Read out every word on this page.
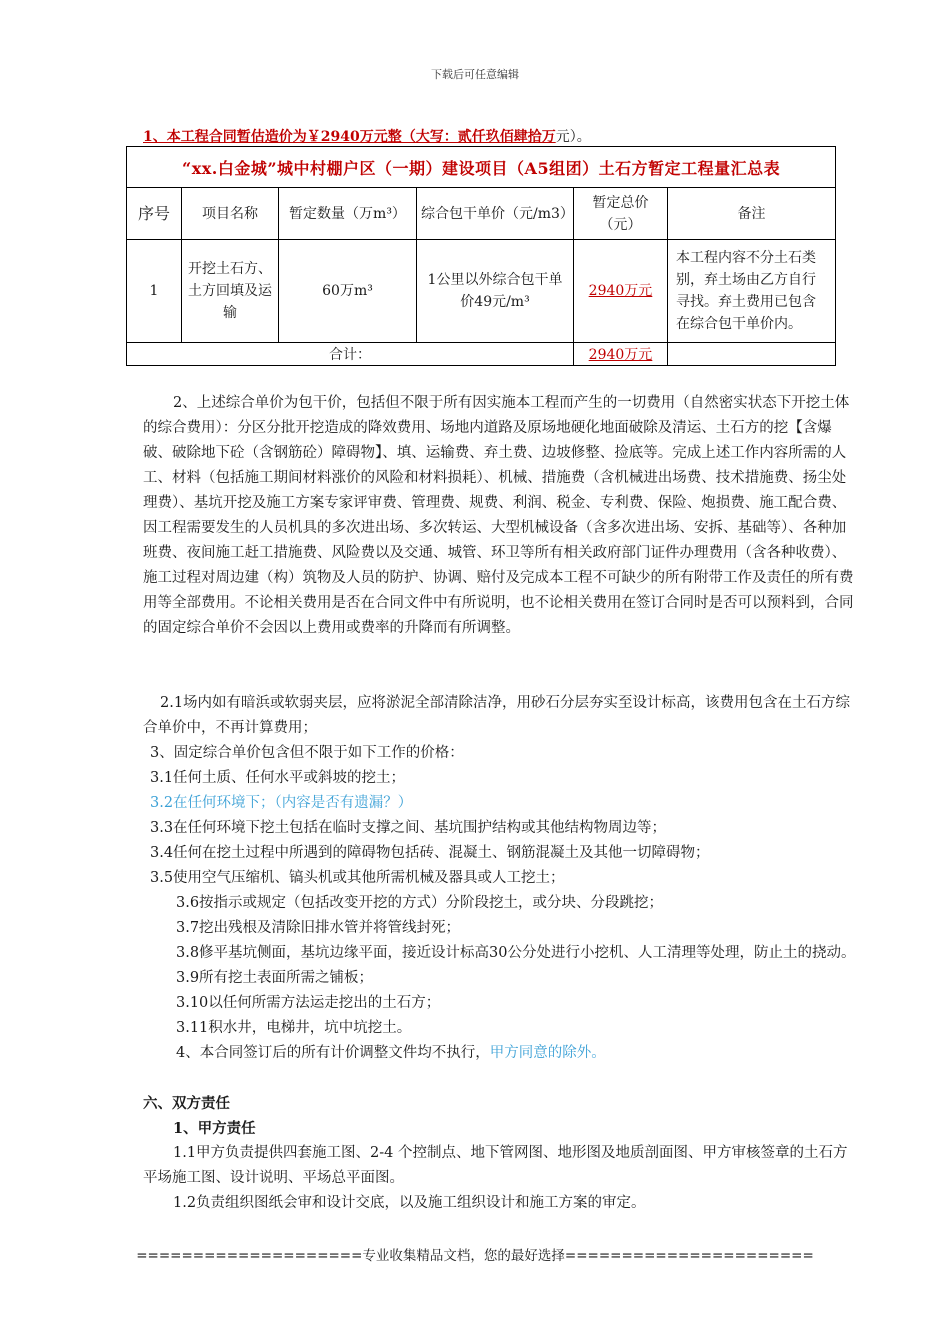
下载后可任意编辑
1、本工程合同暂估造价为￥2940万元整（大写：贰仟玖佰肆拾万元）。
“xx.白金城”城中村棚户区（一期）建设项目（A5组团）土石方暂定工程量汇总表					
序号	项目名称	暂定数量（万m³）	综合包干单价（元/m3）	暂定总价（元）	备注
1	开挖土石方、土方回填及运输	60万m³	1公里以外综合包干单价49元/m³	2940万元	本工程内容不分土石类别，弃土场由乙方自行寻找。弃土费用已包含在综合包干单价内。
合计：				2940万元	

2、上述综合单价为包干价，包括但不限于所有因实施本工程而产生的一切费用（自然密实状态下开挖土体的综合费用）：分区分批开挖造成的降效费用、场地内道路及原场地硬化地面破除及清运、土石方的挖【含爆破、破除地下砼（含钢筋砼）障碍物】、填、运输费、弃土费、边坡修整、捡底等。完成上述工作内容所需的人工、材料（包括施工期间材料涨价的风险和材料损耗）、机械、措施费（含机械进出场费、技术措施费、扬尘处理费）、基坑开挖及施工方案专家评审费、管理费、规费、利润、税金、专利费、保险、炮损费、施工配合费、因工程需要发生的人员机具的多次进出场、多次转运、大型机械设备（含多次进出场、安拆、基础等）、各种加班费、夜间施工赶工措施费、风险费以及交通、城管、环卫等所有相关政府部门证件办理费用（含各种收费）、施工过程对周边建（构）筑物及人员的防护、协调、赔付及完成本工程不可缺少的所有附带工作及责任的所有费用等全部费用。不论相关费用是否在合同文件中有所说明，也不论相关费用在签订合同时是否可以预料到，合同的固定综合单价不会因以上费用或费率的升降而有所调整。

2.1场内如有暗浜或软弱夹层，应将淤泥全部清除洁净，用砂石分层夯实至设计标高，该费用包含在土石方综合单价中，不再计算费用；

3、固定综合单价包含但不限于如下工作的价格：

3.1任何土质、任何水平或斜坡的挖土；

3.2在任何环境下；（内容是否有遗漏？）

3.3在任何环境下挖土包括在临时支撑之间、基坑围护结构或其他结构物周边等；

3.4任何在挖土过程中所遇到的障碍物包括砖、混凝土、钢筋混凝土及其他一切障碍物；

3.5使用空气压缩机、镐头机或其他所需机械及器具或人工挖土；

3.6按指示或规定（包括改变开挖的方式）分阶段挖土，或分块、分段跳挖；

3.7挖出残根及清除旧排水管并将管线封死；

3.8修平基坑侧面，基坑边缘平面，接近设计标高30公分处进行小挖机、人工清理等处理，防止土的挠动。

3.9所有挖土表面所需之铺板；

3.10以任何所需方法运走挖出的土石方；

3.11积水井，电梯井，坑中坑挖土。

4、本合同签订后的所有计价调整文件均不执行，甲方同意的除外。

六、双方责任

1、甲方责任

1.1甲方负责提供四套施工图、2-4 个控制点、地下管网图、地形图及地质剖面图、甲方审核签章的土石方平场施工图、设计说明、平场总平面图。

1.2负责组织图纸会审和设计交底，以及施工组织设计和施工方案的审定。

====================专业收集精品文档，您的最好选择======================
